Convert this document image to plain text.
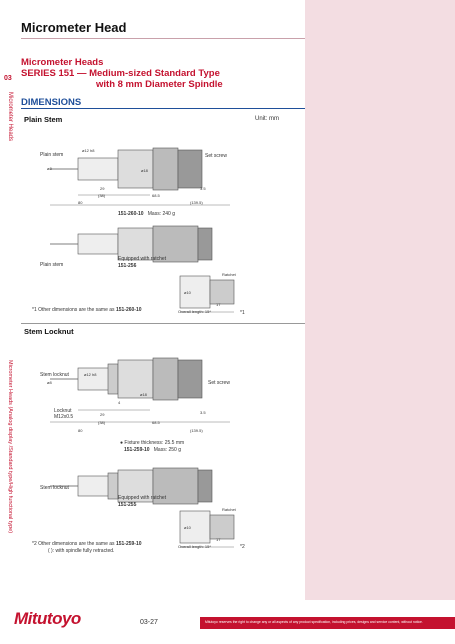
Micrometer Head
03
Micrometer Heads
Micrometer Heads (Analog display /Standard type/High functional type)
Micrometer Heads
SERIES 151 — Medium-sized Standard Type
with 8 mm Diameter Spindle
DIMENSIONS
Plain Stem	Unit: mm
Plain stem	Set screw
ø8
ø12 h8
ø18
29
(38)	68.5
3.5
(139.5)
80
151-260-10 Mass: 240 g
Plain stem
Equipped with ratchet
151-256
Ratchet
ø10
17
Overall length: 15*	*1
*1 Other dimensions are the same as 151-260-10
Stem Locknut
Stem locknut
Set screw
Locknut
M12x0.5
ø8
ø12 h8
ø18
4
29
(38)	68.5
3.5
(139.5)
80
● Fixture thickness: 25.5 mm
151-259-10 Mass: 250 g
Stem locknut
Equipped with ratchet
151-255
Ratchet
ø10
17
Overall length: 15*	*2
*2 Other dimensions are the same as 151-259-10
( ): with spindle fully retracted.
Mitutoyo	03-27	Mitutoyo reserves the right to change any or all aspects of any product specification, including prices, designs and service content, without notice.
